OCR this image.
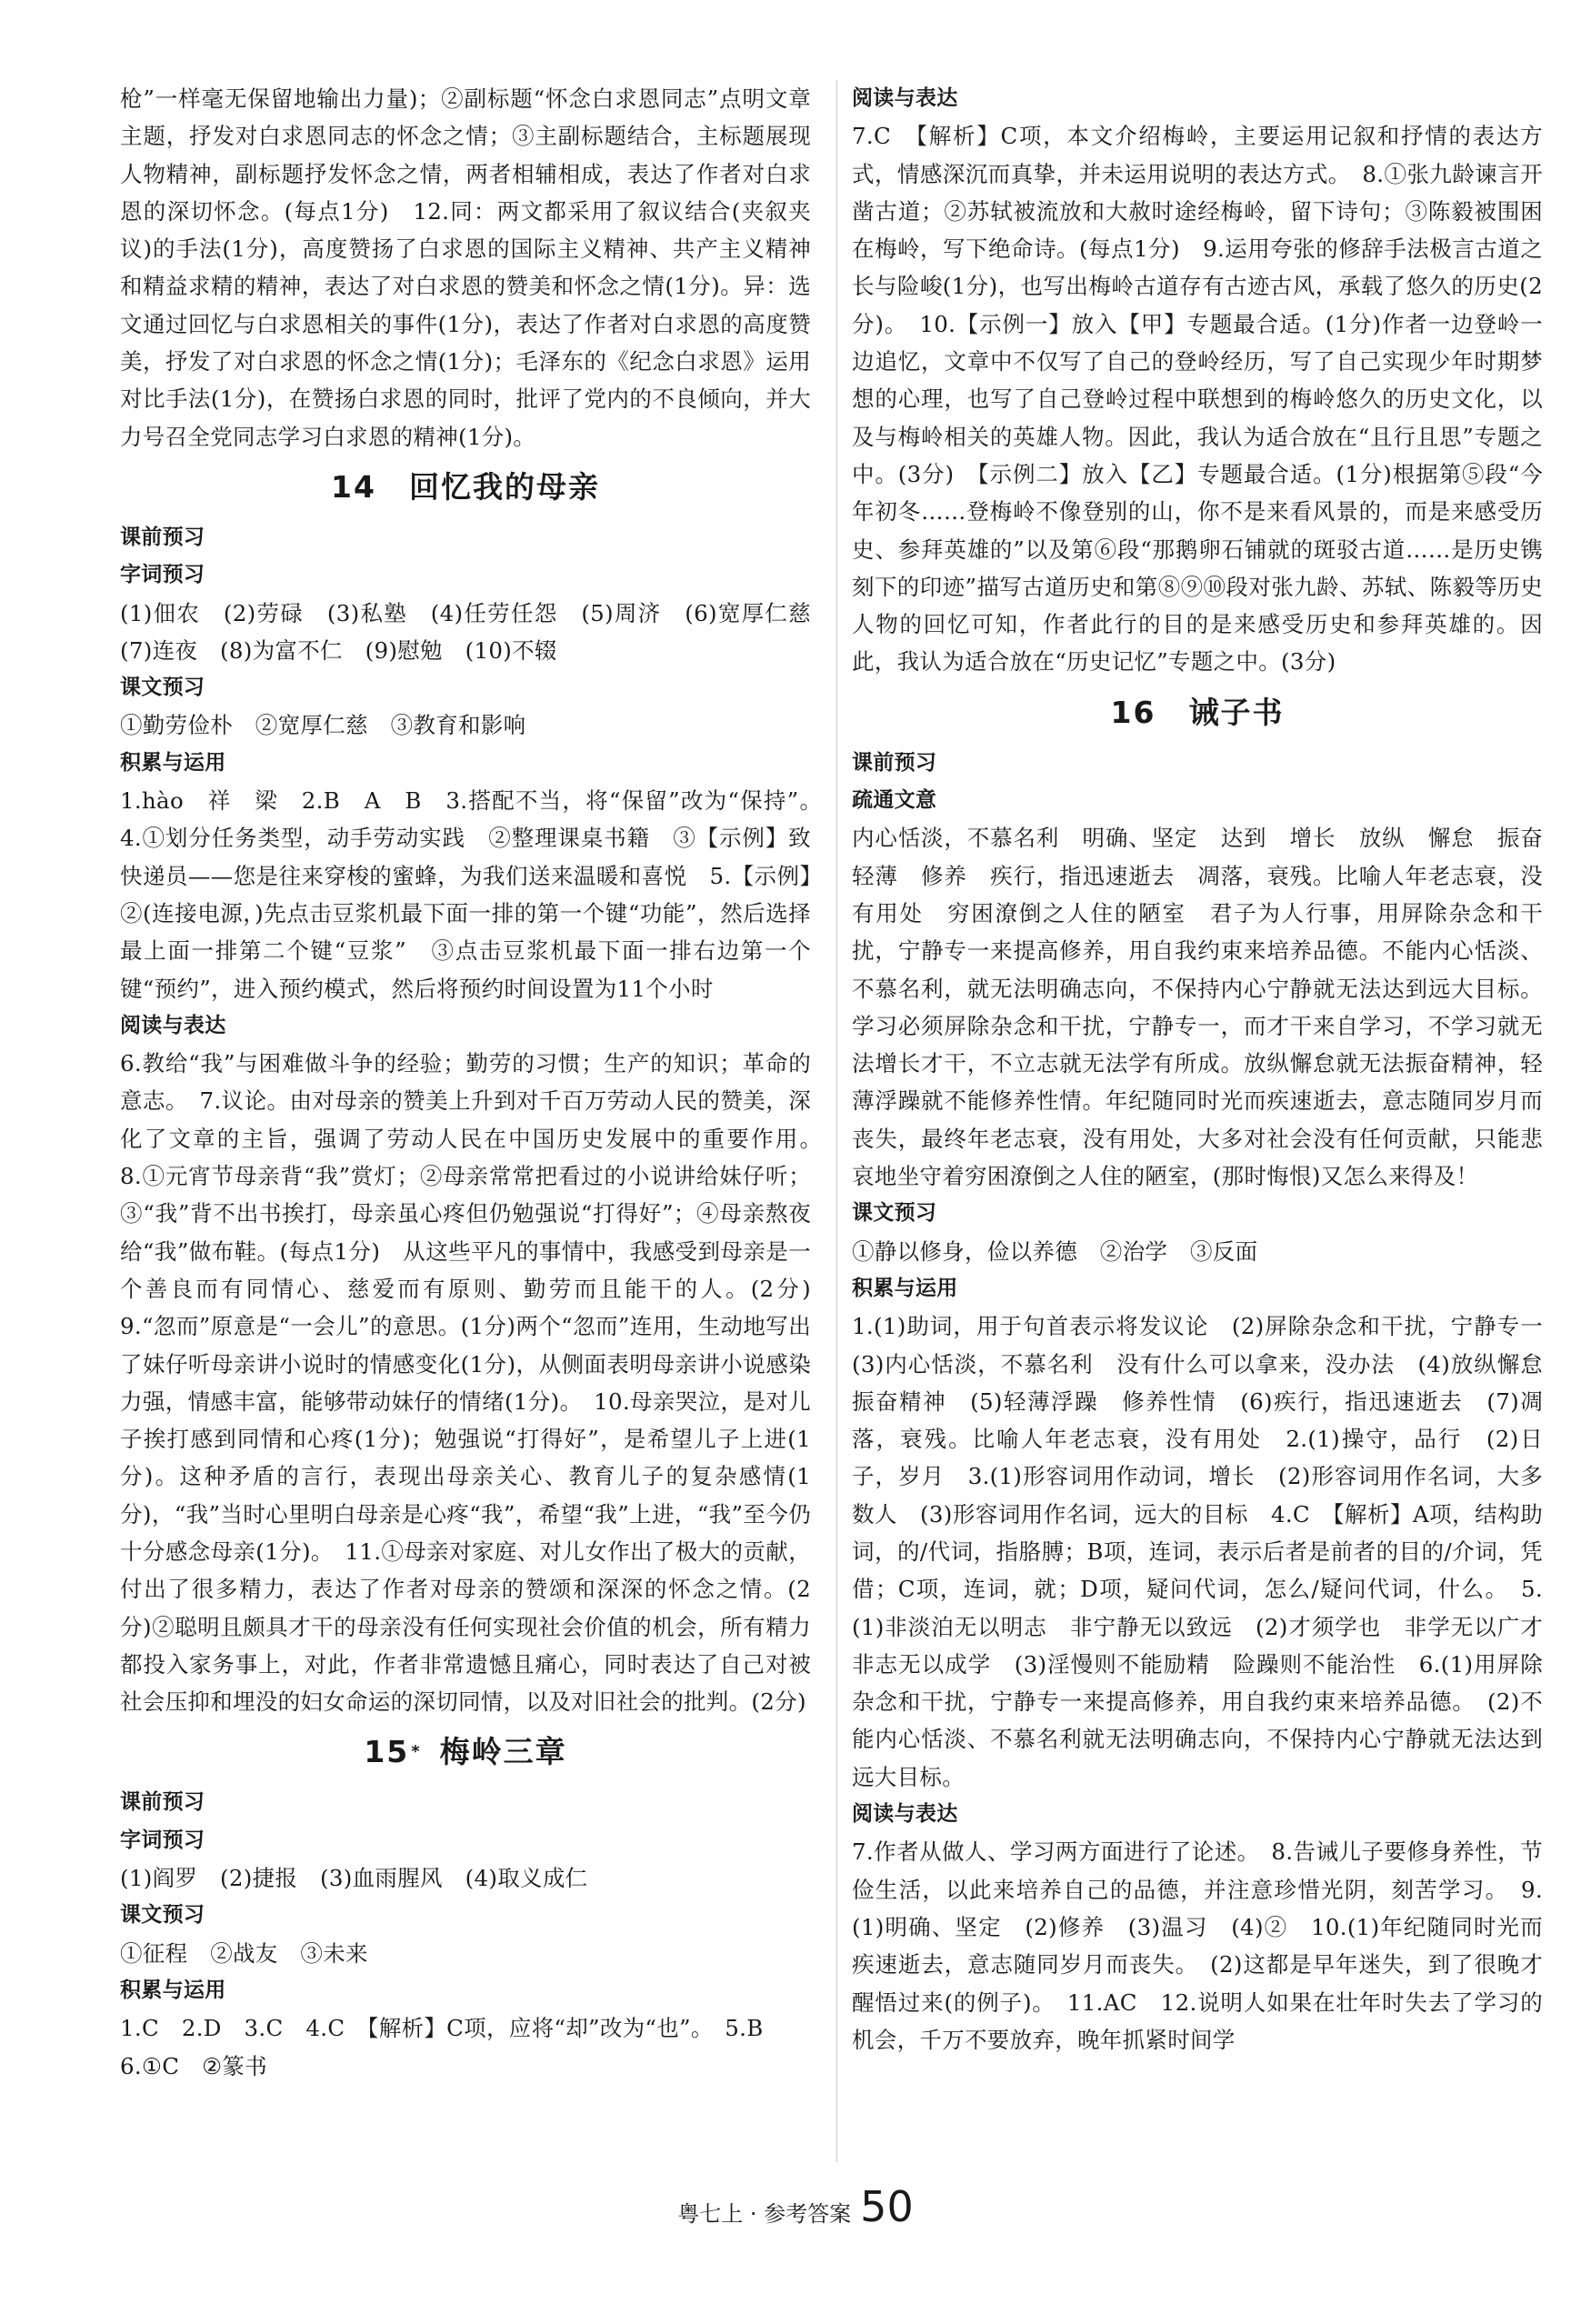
枪”一样毫无保留地输出力量)；②副标题“怀念白求恩同志”点明文章主题，抒发对白求恩同志的怀念之情；③主副标题结合，主标题展现人物精神，副标题抒发怀念之情，两者相辅相成，表达了作者对白求恩的深切怀念。(每点1分)　12.同：两文都采用了叙议结合(夹叙夹议)的手法(1分)，高度赞扬了白求恩的国际主义精神、共产主义精神和精益求精的精神，表达了对白求恩的赞美和怀念之情(1分)。异：选文通过回忆与白求恩相关的事件(1分)，表达了作者对白求恩的高度赞美，抒发了对白求恩的怀念之情(1分)；毛泽东的《纪念白求恩》运用对比手法(1分)，在赞扬白求恩的同时，批评了党内的不良倾向，并大力号召全党同志学习白求恩的精神(1分)。

14 回忆我的母亲

课前预习

字词预习

(1)佃农　(2)劳碌　(3)私塾　(4)任劳任怨　(5)周济　(6)宽厚仁慈　(7)连夜　(8)为富不仁　(9)慰勉　(10)不辍

课文预习

①勤劳俭朴　②宽厚仁慈　③教育和影响

积累与运用

1.hào　祥　梁　2.B　A　B　3.搭配不当，将“保留”改为“保持”。　4.①划分任务类型，动手劳动实践　②整理课桌书籍　③【示例】致快递员——您是往来穿梭的蜜蜂，为我们送来温暖和喜悦　5.【示例】②(连接电源，)先点击豆浆机最下面一排的第一个键“功能”，然后选择最上面一排第二个键“豆浆”　③点击豆浆机最下面一排右边第一个键“预约”，进入预约模式，然后将预约时间设置为11个小时

阅读与表达

6.教给“我”与困难做斗争的经验；勤劳的习惯；生产的知识；革命的意志。　7.议论。由对母亲的赞美上升到对千百万劳动人民的赞美，深化了文章的主旨，强调了劳动人民在中国历史发展中的重要作用。　8.①元宵节母亲背“我”赏灯；②母亲常常把看过的小说讲给妹仔听；③“我”背不出书挨打，母亲虽心疼但仍勉强说“打得好”；④母亲熬夜给“我”做布鞋。(每点1分)　从这些平凡的事情中，我感受到母亲是一个善良而有同情心、慈爱而有原则、勤劳而且能干的人。(2分)　9.“忽而”原意是“一会儿”的意思。(1分)两个“忽而”连用，生动地写出了妹仔听母亲讲小说时的情感变化(1分)，从侧面表明母亲讲小说感染力强，情感丰富，能够带动妹仔的情绪(1分)。　10.母亲哭泣，是对儿子挨打感到同情和心疼(1分)；勉强说“打得好”，是希望儿子上进(1分)。这种矛盾的言行，表现出母亲关心、教育儿子的复杂感情(1分)，“我”当时心里明白母亲是心疼“我”，希望“我”上进，“我”至今仍十分感念母亲(1分)。　11.①母亲对家庭、对儿女作出了极大的贡献，付出了很多精力，表达了作者对母亲的赞颂和深深的怀念之情。(2分)②聪明且颇具才干的母亲没有任何实现社会价值的机会，所有精力都投入家务事上，对此，作者非常遗憾且痛心，同时表达了自己对被社会压抑和埋没的妇女命运的深切同情，以及对旧社会的批判。(2分)

15 * 梅岭三章

课前预习

字词预习

(1)阎罗　(2)捷报　(3)血雨腥风　(4)取义成仁

课文预习

①征程　②战友　③未来

积累与运用

1.C　2.D　3.C　4.C　【解析】C项，应将“却”改为“也”。　5.B

6.①C　②篆书

阅读与表达

7.C　【解析】C项，本文介绍梅岭，主要运用记叙和抒情的表达方式，情感深沉而真挚，并未运用说明的表达方式。　8.①张九龄谏言开凿古道；②苏轼被流放和大赦时途经梅岭，留下诗句；③陈毅被围困在梅岭，写下绝命诗。(每点1分)　9.运用夸张的修辞手法极言古道之长与险峻(1分)，也写出梅岭古道存有古迹古风，承载了悠久的历史(2分)。　10.【示例一】放入【甲】专题最合适。(1分)作者一边登岭一边追忆，文章中不仅写了自己的登岭经历，写了自己实现少年时期梦想的心理，也写了自己登岭过程中联想到的梅岭悠久的历史文化，以及与梅岭相关的英雄人物。因此，我认为适合放在“且行且思”专题之中。(3分)　【示例二】放入【乙】专题最合适。(1分)根据第⑤段“今年初冬……登梅岭不像登别的山，你不是来看风景的，而是来感受历史、参拜英雄的”以及第⑥段“那鹅卵石铺就的斑驳古道……是历史镌刻下的印迹”描写古道历史和第⑧⑨⑩段对张九龄、苏轼、陈毅等历史人物的回忆可知，作者此行的目的是来感受历史和参拜英雄的。因此，我认为适合放在“历史记忆”专题之中。(3分)

16 诫子书

课前预习

疏通文意

内心恬淡，不慕名利　明确、坚定　达到　增长　放纵　懈怠　振奋　轻薄　修养　疾行，指迅速逝去　凋落，衰残。比喻人年老志衰，没有用处　穷困潦倒之人住的陋室　君子为人行事，用屏除杂念和干扰，宁静专一来提高修养，用自我约束来培养品德。不能内心恬淡、不慕名利，就无法明确志向，不保持内心宁静就无法达到远大目标。学习必须屏除杂念和干扰，宁静专一，而才干来自学习，不学习就无法增长才干，不立志就无法学有所成。放纵懈怠就无法振奋精神，轻薄浮躁就不能修养性情。年纪随同时光而疾速逝去，意志随同岁月而丧失，最终年老志衰，没有用处，大多对社会没有任何贡献，只能悲哀地坐守着穷困潦倒之人住的陋室，(那时悔恨)又怎么来得及！

课文预习

①静以修身，俭以养德　②治学　③反面

积累与运用

1.(1)助词，用于句首表示将发议论　(2)屏除杂念和干扰，宁静专一　(3)内心恬淡，不慕名利　没有什么可以拿来，没办法　(4)放纵懈怠　振奋精神　(5)轻薄浮躁　修养性情　(6)疾行，指迅速逝去　(7)凋落，衰残。比喻人年老志衰，没有用处　2.(1)操守，品行　(2)日子，岁月　3.(1)形容词用作动词，增长　(2)形容词用作名词，大多数人　(3)形容词用作名词，远大的目标　4.C　【解析】A项，结构助词，的/代词，指胳膊；B项，连词，表示后者是前者的目的/介词，凭借；C项，连词，就；D项，疑问代词，怎么/疑问代词，什么。　5.(1)非淡泊无以明志　非宁静无以致远　(2)才须学也　非学无以广才　非志无以成学　(3)淫慢则不能励精　险躁则不能治性　6.(1)用屏除杂念和干扰，宁静专一来提高修养，用自我约束来培养品德。　(2)不能内心恬淡、不慕名利就无法明确志向，不保持内心宁静就无法达到远大目标。

阅读与表达

7.作者从做人、学习两方面进行了论述。　8.告诫儿子要修身养性，节俭生活，以此来培养自己的品德，并注意珍惜光阴，刻苦学习。　9.(1)明确、坚定　(2)修养　(3)温习　(4)②　10.(1)年纪随同时光而疾速逝去，意志随同岁月而丧失。　(2)这都是早年迷失，到了很晚才醒悟过来(的例子)。　11.AC　12.说明人如果在壮年时失去了学习的机会，千万不要放弃，晚年抓紧时间学

粤七上 · 参考答案 50
